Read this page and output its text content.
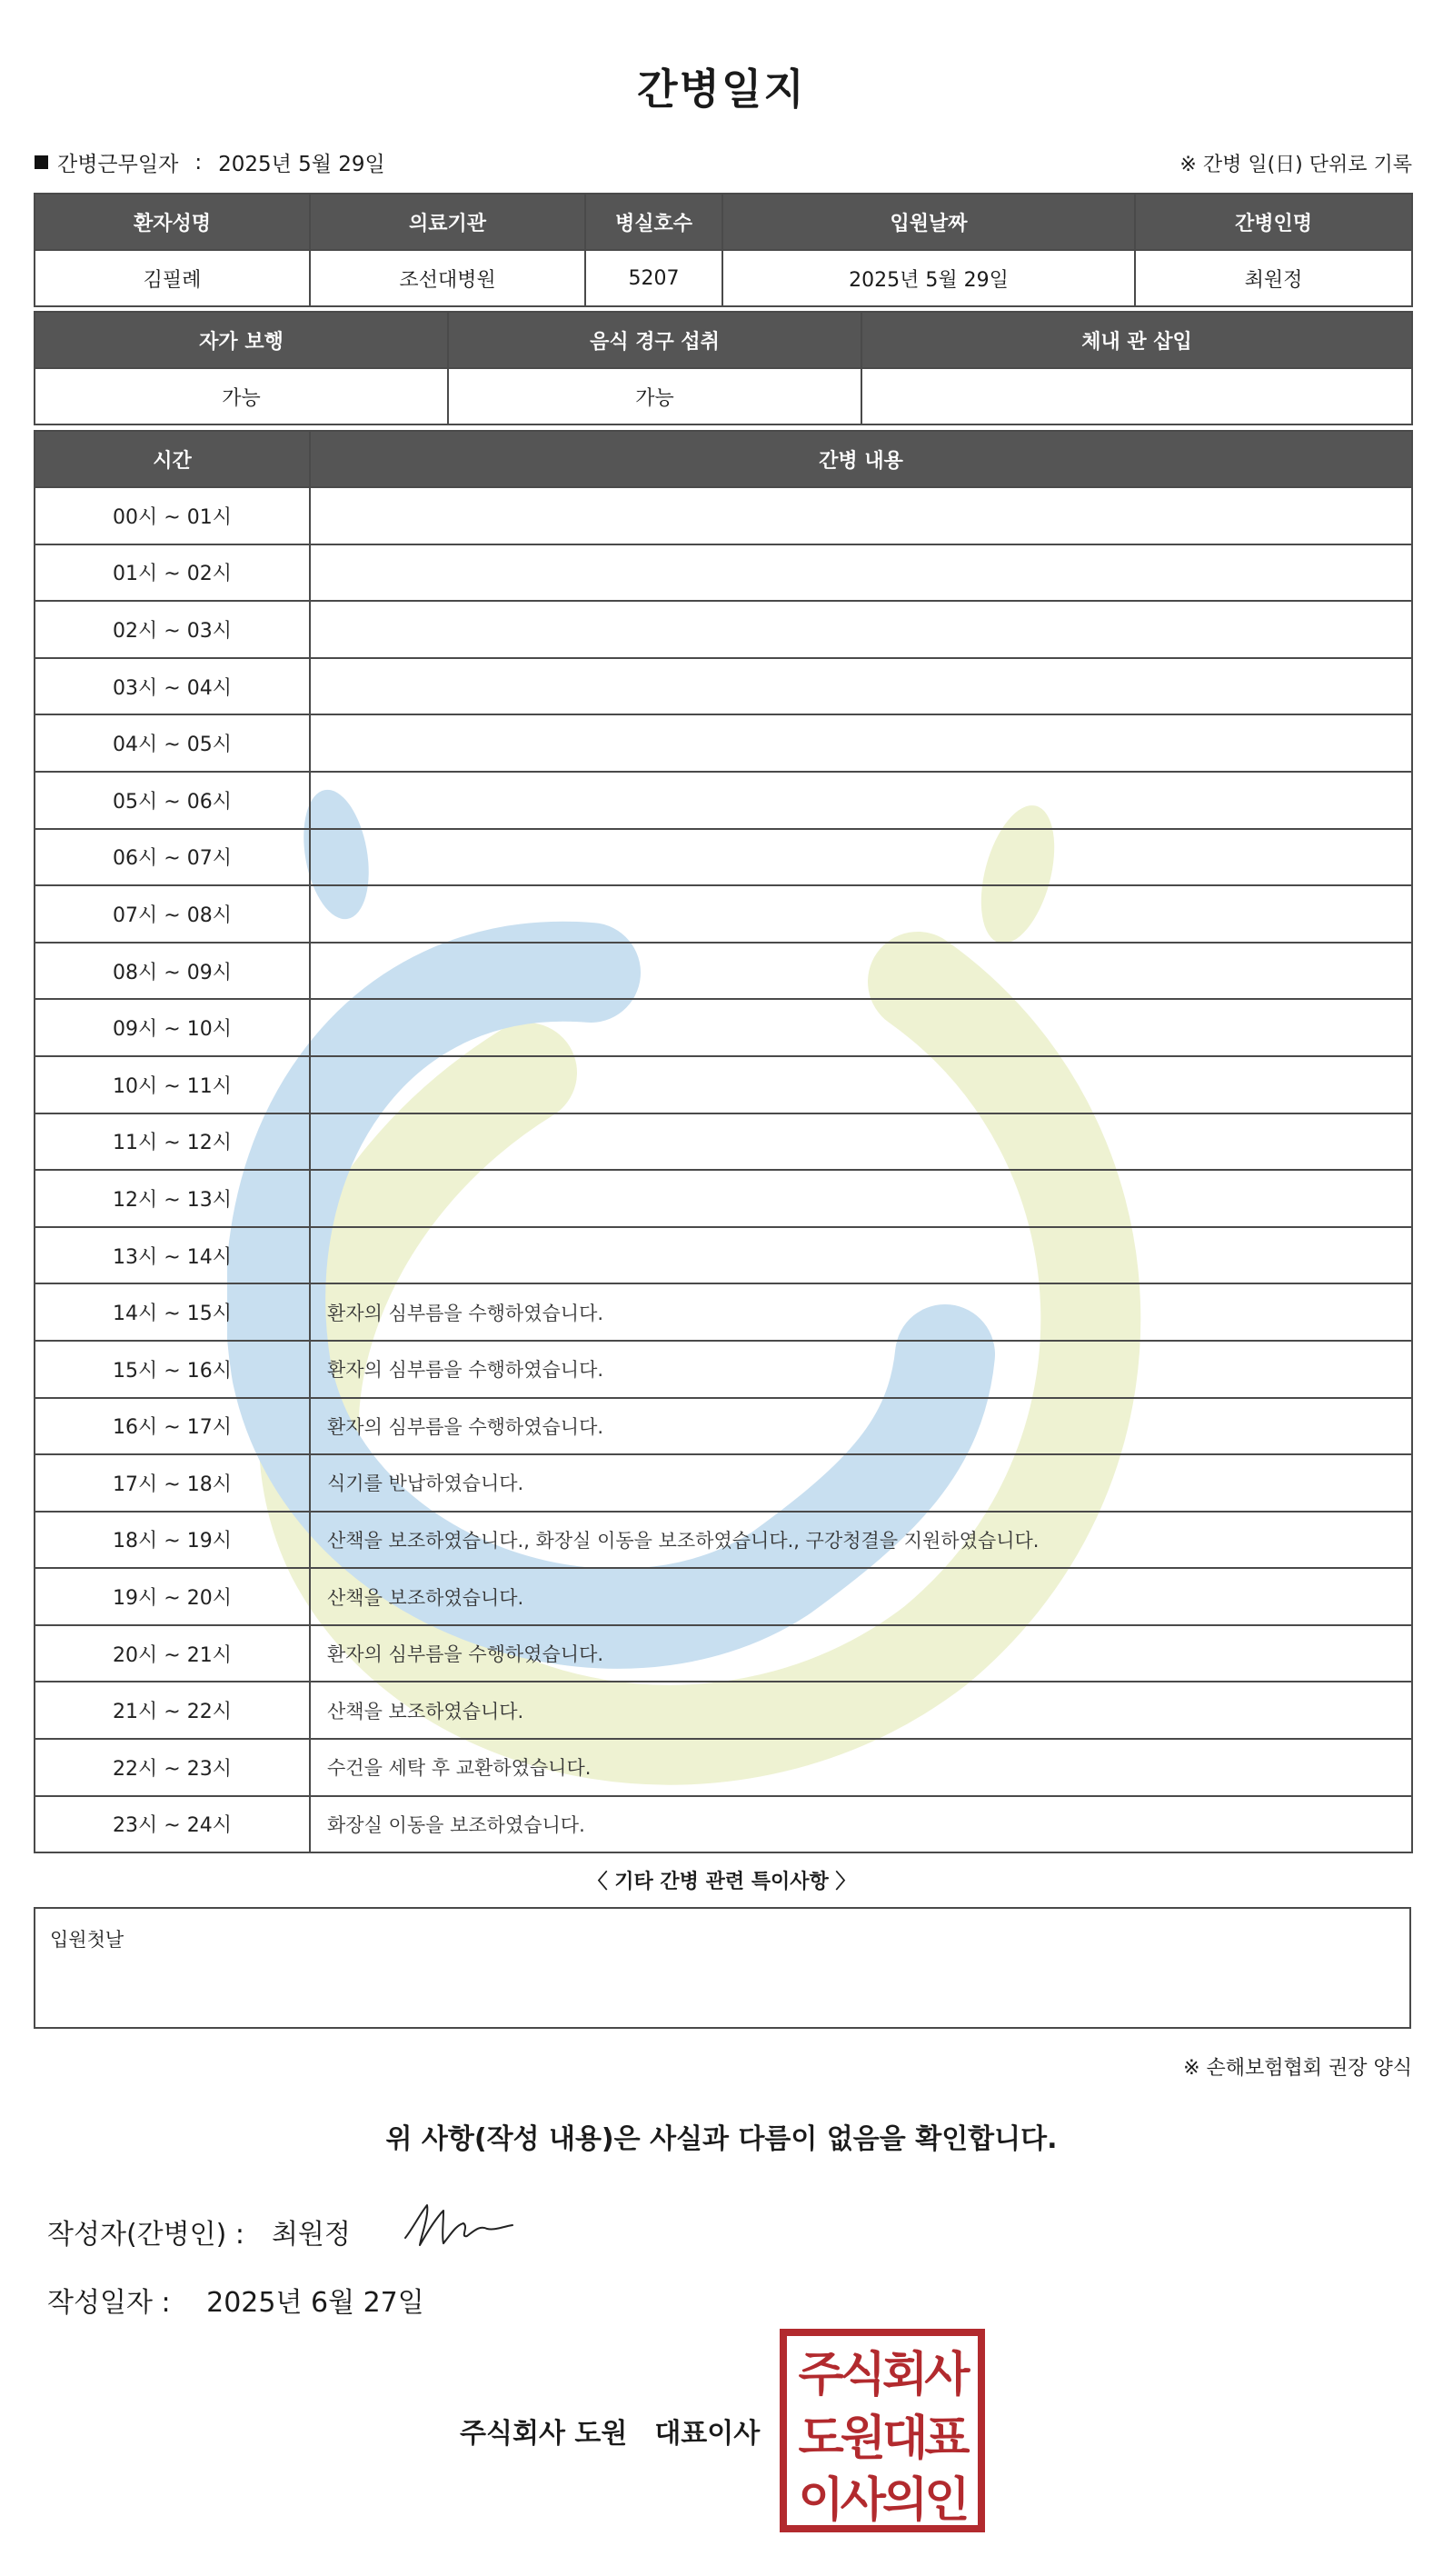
간병일지
간병근무일자 : 2025년 5월 29일	※ 간병 일(日) 단위로 기록
환자성명	의료기관	병실호수	입원날짜	간병인명
김필례	조선대병원	5207	2025년 5월 29일	최원정
자가 보행	음식 경구 섭취	체내 관 삽입
가능	가능	
시간	간병 내용
00시 ~ 01시	
01시 ~ 02시	
02시 ~ 03시	
03시 ~ 04시	
04시 ~ 05시	
05시 ~ 06시	
06시 ~ 07시	
07시 ~ 08시	
08시 ~ 09시	
09시 ~ 10시	
10시 ~ 11시	
11시 ~ 12시	
12시 ~ 13시	
13시 ~ 14시	
14시 ~ 15시	환자의 심부름을 수행하였습니다.
15시 ~ 16시	환자의 심부름을 수행하였습니다.
16시 ~ 17시	환자의 심부름을 수행하였습니다.
17시 ~ 18시	식기를 반납하였습니다.
18시 ~ 19시	산책을 보조하였습니다., 화장실 이동을 보조하였습니다., 구강청결을 지원하였습니다.
19시 ~ 20시	산책을 보조하였습니다.
20시 ~ 21시	환자의 심부름을 수행하였습니다.
21시 ~ 22시	산책을 보조하였습니다.
22시 ~ 23시	수건을 세탁 후 교환하였습니다.
23시 ~ 24시	화장실 이동을 보조하였습니다.
〈 기타 간병 관련 특이사항 〉
입원첫날
※ 손해보험협회 권장 양식
위 사항(작성 내용)은 사실과 다름이 없음을 확인합니다.
작성자(간병인) : 최원정
작성일자 : 2025년 6월 27일
주식회사 도원 대표이사
주식회사
도원대표
이사의인
